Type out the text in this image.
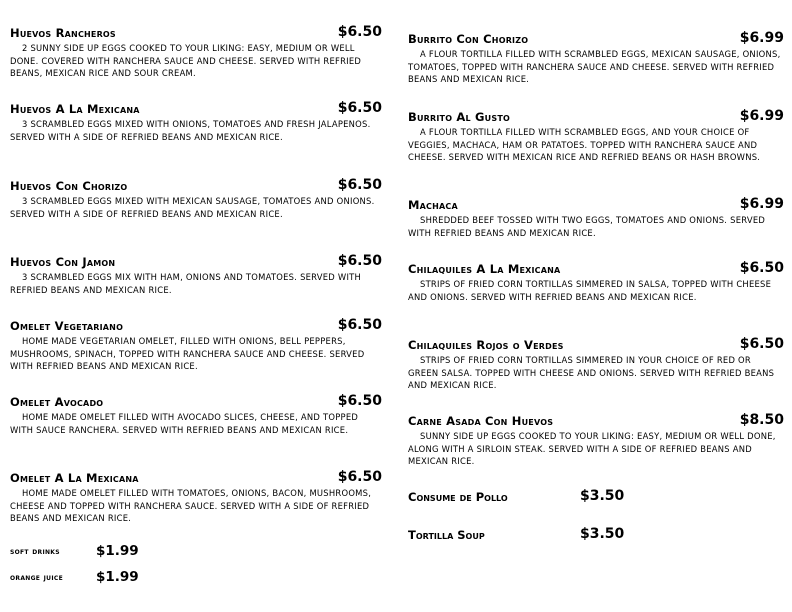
Huevos Rancheros	$6.50

2 SUNNY SIDE UP EGGS COOKED TO YOUR LIKING: EASY, MEDIUM OR WELL DONE. COVERED WITH RANCHERA SAUCE AND CHEESE. SERVED WITH REFRIED BEANS, MEXICAN RICE AND SOUR CREAM.

Huevos A La Mexicana	$6.50

3 SCRAMBLED EGGS MIXED WITH ONIONS, TOMATOES AND FRESH JALAPENOS. SERVED WITH A SIDE OF REFRIED BEANS AND MEXICAN RICE.

Huevos Con Chorizo	$6.50

3 SCRAMBLED EGGS MIXED WITH MEXICAN SAUSAGE, TOMATOES AND ONIONS. SERVED WITH A SIDE OF REFRIED BEANS AND MEXICAN RICE.

Huevos Con Jamon	$6.50

3 SCRAMBLED EGGS MIX WITH HAM, ONIONS AND TOMATOES. SERVED WITH REFRIED BEANS AND MEXICAN RICE.

Omelet Vegetariano	$6.50

HOME MADE VEGETARIAN OMELET, FILLED WITH ONIONS, BELL PEPPERS, MUSHROOMS, SPINACH, TOPPED WITH RANCHERA SAUCE AND CHEESE. SERVED WITH REFRIED BEANS AND MEXICAN RICE.

Omelet Avocado	$6.50

HOME MADE OMELET FILLED WITH AVOCADO SLICES, CHEESE, AND TOPPED WITH SAUCE RANCHERA. SERVED WITH REFRIED BEANS AND MEXICAN RICE.

Omelet A La Mexicana	$6.50

HOME MADE OMELET FILLED WITH TOMATOES, ONIONS, BACON, MUSHROOMS, CHEESE AND TOPPED WITH RANCHERA SAUCE. SERVED WITH A SIDE OF REFRIED BEANS AND MEXICAN RICE.

soft drinks	$1.99
orange juice $1.99
Burrito Con Chorizo	$6.99

A FLOUR TORTILLA FILLED WITH SCRAMBLED EGGS, MEXICAN SAUSAGE, ONIONS, TOMATOES, TOPPED WITH RANCHERA SAUCE AND CHEESE. SERVED WITH REFRIED BEANS AND MEXICAN RICE.

Burrito Al Gusto	$6.99

A FLOUR TORTILLA FILLED WITH SCRAMBLED EGGS, AND YOUR CHOICE OF VEGGIES, MACHACA, HAM OR PATATOES. TOPPED WITH RANCHERA SAUCE AND CHEESE. SERVED WITH MEXICAN RICE AND REFRIED BEANS OR HASH BROWNS.

Machaca	$6.99

SHREDDED BEEF TOSSED WITH TWO EGGS, TOMATOES AND ONIONS. SERVED WITH REFRIED BEANS AND MEXICAN RICE.

Chilaquiles A La Mexicana	$6.50

STRIPS OF FRIED CORN TORTILLAS SIMMERED IN SALSA, TOPPED WITH CHEESE AND ONIONS. SERVED WITH REFRIED BEANS AND MEXICAN RICE.

Chilaquiles Rojos o Verdes	$6.50

STRIPS OF FRIED CORN TORTILLAS SIMMERED IN YOUR CHOICE OF RED OR GREEN SALSA. TOPPED WITH CHEESE AND ONIONS. SERVED WITH REFRIED BEANS AND MEXICAN RICE.

Carne Asada Con Huevos	$8.50

SUNNY SIDE UP EGGS COOKED TO YOUR LIKING: EASY, MEDIUM OR WELL DONE, ALONG WITH A SIRLOIN STEAK. SERVED WITH A SIDE OF REFRIED BEANS AND MEXICAN RICE.

Consume de Pollo	$3.50
Tortilla Soup	$3.50
